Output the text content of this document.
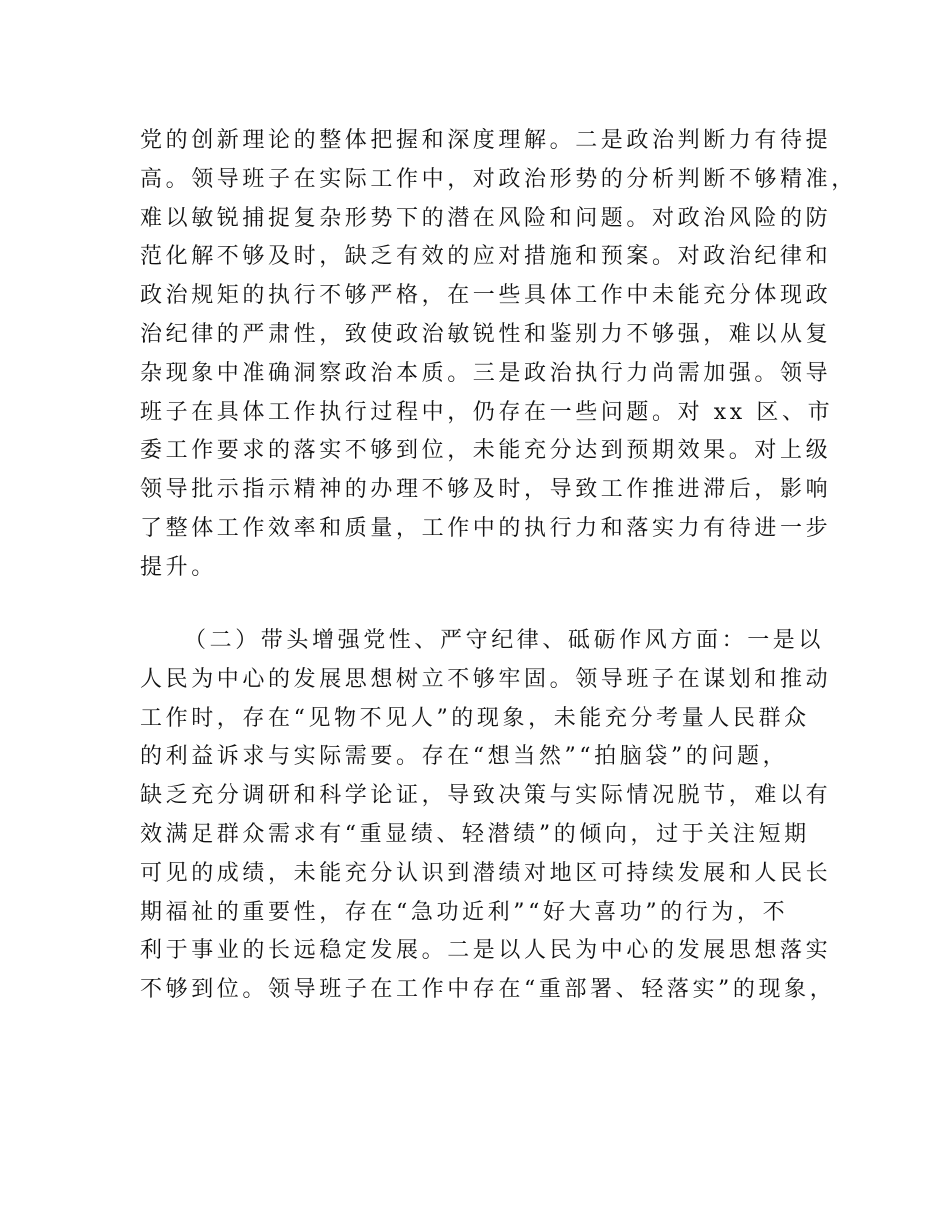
党的创新理论的整体把握和深度理解。二是政治判断力有待提
高。领导班子在实际工作中，对政治形势的分析判断不够精准，
难以敏锐捕捉复杂形势下的潜在风险和问题。对政治风险的防
范化解不够及时，缺乏有效的应对措施和预案。对政治纪律和
政治规矩的执行不够严格，在一些具体工作中未能充分体现政
治纪律的严肃性，致使政治敏锐性和鉴别力不够强，难以从复
杂现象中准确洞察政治本质。三是政治执行力尚需加强。领导
班子在具体工作执行过程中，仍存在一些问题。对 xx 区、市
委工作要求的落实不够到位，未能充分达到预期效果。对上级
领导批示指示精神的办理不够及时，导致工作推进滞后，影响
了整体工作效率和质量，工作中的执行力和落实力有待进一步
提升。
（二）带头增强党性、严守纪律、砥砺作风方面：一是以
人民为中心的发展思想树立不够牢固。领导班子在谋划和推动
工作时，存在“见物不见人”的现象，未能充分考量人民群众
的利益诉求与实际需要。存在“想当然”“拍脑袋”的问题，
缺乏充分调研和科学论证，导致决策与实际情况脱节，难以有
效满足群众需求有“重显绩、轻潜绩”的倾向，过于关注短期
可见的成绩，未能充分认识到潜绩对地区可持续发展和人民长
期福祉的重要性，存在“急功近利”“好大喜功”的行为，不
利于事业的长远稳定发展。二是以人民为中心的发展思想落实
不够到位。领导班子在工作中存在“重部署、轻落实”的现象，
